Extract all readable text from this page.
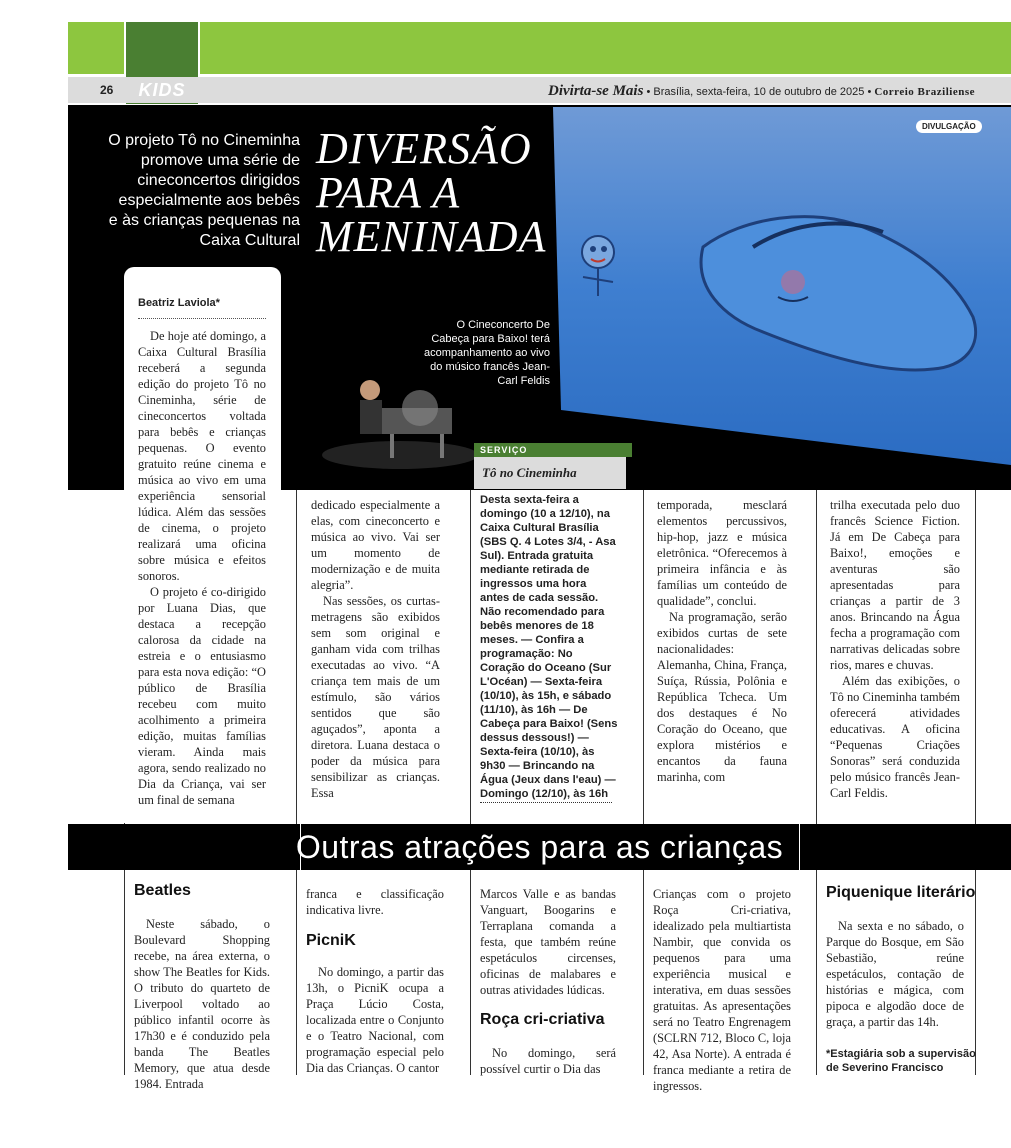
26	KIDS	Divirta-se Mais • Brasília, sexta-feira, 10 de outubro de 2025 • Correio Braziliense
DIVULGAÇÃO
O projeto Tô no Cineminha promove uma série de cineconcertos dirigidos especialmente aos bebês e às crianças pequenas na Caixa Cultural
DIVERSÃO
PARA A
MENINADA
O Cineconcerto De Cabeça para Baixo! terá acompanhamento ao vivo do músico francês Jean-Carl Feldis
Beatriz Laviola*

De hoje até domingo, a Caixa Cultural Brasília receberá a segunda edição do projeto Tô no Cineminha, série de cineconcertos voltada para bebês e crianças pequenas. O evento gratuito reúne cinema e música ao vivo em uma experiência sensorial lúdica. Além das sessões de cinema, o projeto realizará uma oficina sobre música e efeitos sonoros.

O projeto é co-dirigido por Luana Dias, que destaca a recepção calorosa da cidade na estreia e o entusiasmo para esta nova edição: “O público de Brasília recebeu com muito acolhimento a primeira edição, muitas famílias vieram. Ainda mais agora, sendo realizado no Dia da Criança, vai ser um final de semana

dedicado especialmente a elas, com cineconcerto e música ao vivo. Vai ser um momento de modernização e de muita alegria”.

Nas sessões, os curtas-metragens são exibidos sem som original e ganham vida com trilhas executadas ao vivo. “A criança tem mais de um estímulo, são vários sentidos que são aguçados”, aponta a diretora. Luana destaca o poder da música para sensibilizar as crianças. Essa

SERVIÇO
Tô no Cineminha
Desta sexta-feira a domingo (10 a 12/10), na Caixa Cultural Brasília (SBS Q. 4 Lotes 3/4, - Asa Sul). Entrada gratuita mediante retirada de ingressos uma hora antes de cada sessão. Não recomendado para bebês menores de 18 meses. — Confira a programação: No Coração do Oceano (Sur L'Océan) — Sexta-feira (10/10), às 15h, e sábado (11/10), às 16h — De Cabeça para Baixo! (Sens dessus dessous!) — Sexta-feira (10/10), às 9h30 — Brincando na Água (Jeux dans l'eau) — Domingo (12/10), às 16h

temporada, mesclará elementos percussivos, hip-hop, jazz e música eletrônica. “Oferecemos à primeira infância e às famílias um conteúdo de qualidade”, conclui.

Na programação, serão exibidos curtas de sete nacionalidades: Alemanha, China, França, Suíça, Rússia, Polônia e República Tcheca. Um dos destaques é No Coração do Oceano, que explora mistérios e encantos da fauna marinha, com

trilha executada pelo duo francês Science Fiction. Já em De Cabeça para Baixo!, emoções e aventuras são apresentadas para crianças a partir de 3 anos. Brincando na Água fecha a programação com narrativas delicadas sobre rios, mares e chuvas.

Além das exibições, o Tô no Cineminha também oferecerá atividades educativas. A oficina “Pequenas Criações Sonoras” será conduzida pelo músico francês Jean-Carl Feldis.

Outras atrações para as crianças
Beatles

Neste sábado, o Boulevard Shopping recebe, na área externa, o show The Beatles for Kids. O tributo do quarteto de Liverpool voltado ao público infantil ocorre às 17h30 e é conduzido pela banda The Beatles Memory, que atua desde 1984. Entrada

franca e classificação indicativa livre.

PicniK

No domingo, a partir das 13h, o PicniK ocupa a Praça Lúcio Costa, localizada entre o Conjunto e o Teatro Nacional, com programação especial pelo Dia das Crianças. O cantor

Marcos Valle e as bandas Vanguart, Boogarins e Terraplana comanda a festa, que também reúne espetáculos circenses, oficinas de malabares e outras atividades lúdicas.

Roça cri-criativa

No domingo, será possível curtir o Dia das

Crianças com o projeto Roça Cri-criativa, idealizado pela multiartista Nambir, que convida os pequenos para uma experiência musical e interativa, em duas sessões gratuitas. As apresentações será no Teatro Engrenagem (SCLRN 712, Bloco C, loja 42, Asa Norte). A entrada é franca mediante a retira de ingressos.

Piquenique literário

Na sexta e no sábado, o Parque do Bosque, em São Sebastião, reúne espetáculos, contação de histórias e mágica, com pipoca e algodão doce de graça, a partir das 14h.

*Estagiária sob a supervisão de Severino Francisco
